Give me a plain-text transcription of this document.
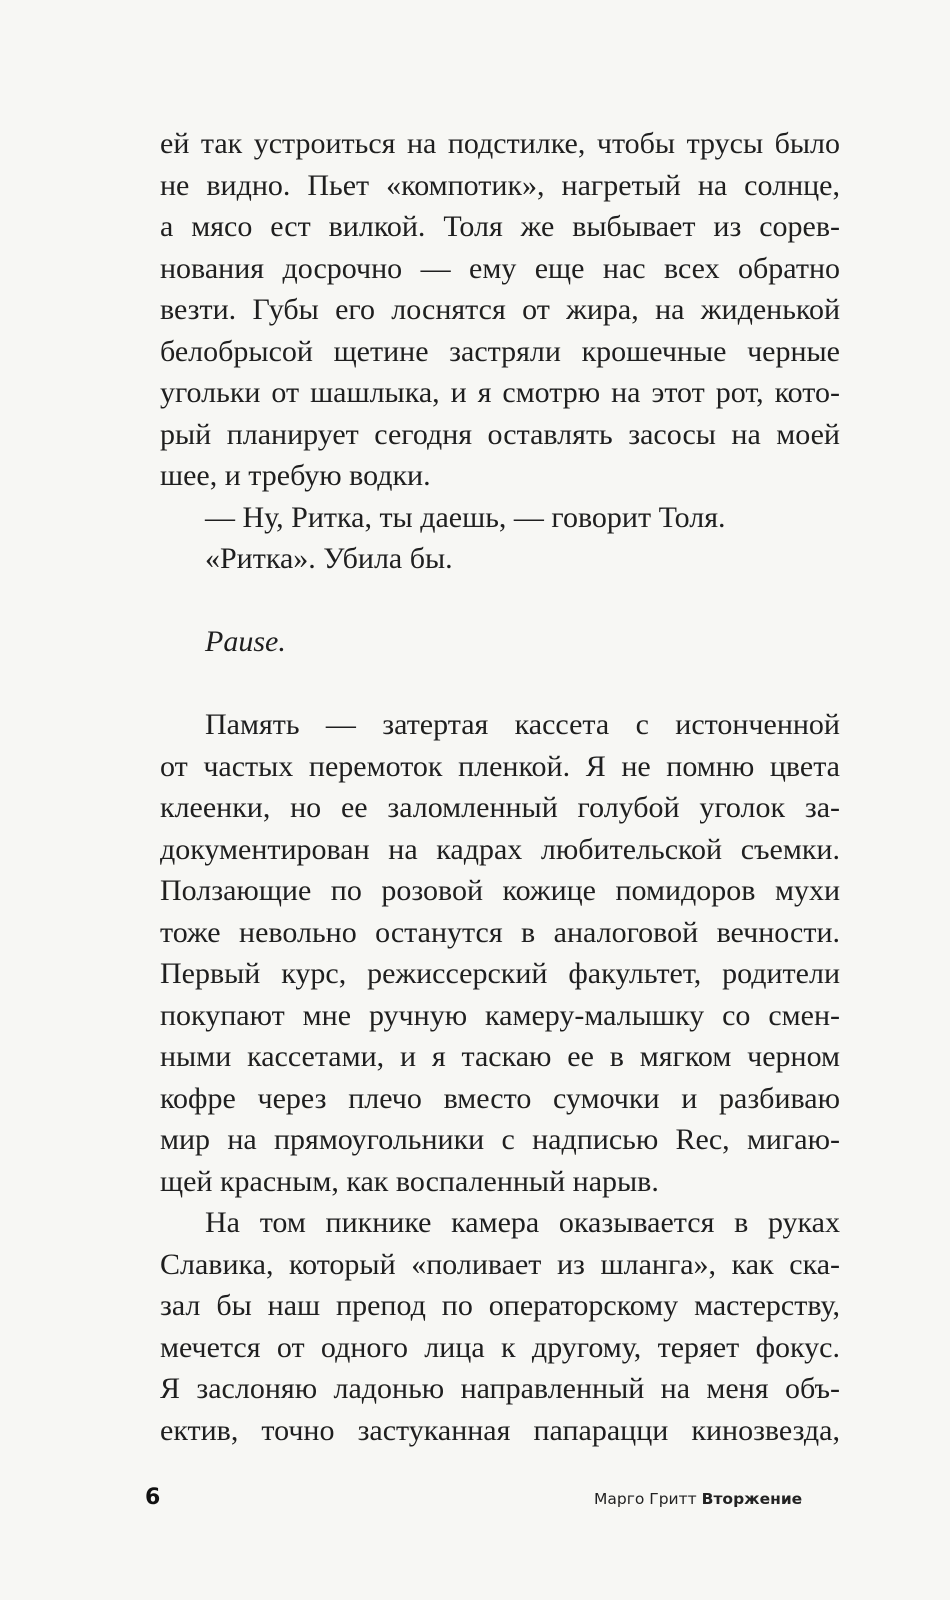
ей так устроиться на подстилке, чтобы трусы было
не видно. Пьет «компотик», нагретый на солнце,
а мясо ест вилкой. Толя же выбывает из сорев-
нования досрочно — ему еще нас всех обратно
везти. Губы его лоснятся от жира, на жиденькой
белобрысой щетине застряли крошечные черные
угольки от шашлыка, и я смотрю на этот рот, кото-
рый планирует сегодня оставлять засосы на моей
шее, и требую водки.

— Ну, Ритка, ты даешь, — говорит Толя.

«Ритка». Убила бы.

Pause.

Память — затертая кассета с истонченной
от частых перемоток пленкой. Я не помню цвета
клеенки, но ее заломленный голубой уголок за-
документирован на кадрах любительской съемки.
Ползающие по розовой кожице помидоров мухи
тоже невольно останутся в аналоговой вечности.
Первый курс, режиссерский факультет, родители
покупают мне ручную камеру-малышку со смен-
ными кассетами, и я таскаю ее в мягком черном
кофре через плечо вместо сумочки и разбиваю
мир на прямоугольники с надписью Rec, мигаю-
щей красным, как воспаленный нарыв.

На том пикнике камера оказывается в руках
Славика, который «поливает из шланга», как ска-
зал бы наш препод по операторскому мастерству,
мечется от одного лица к другому, теряет фокус.
Я заслоняю ладонью направленный на меня объ-
ектив, точно застуканная папарацци кинозвезда,

6	Марго Гритт Вторжение
